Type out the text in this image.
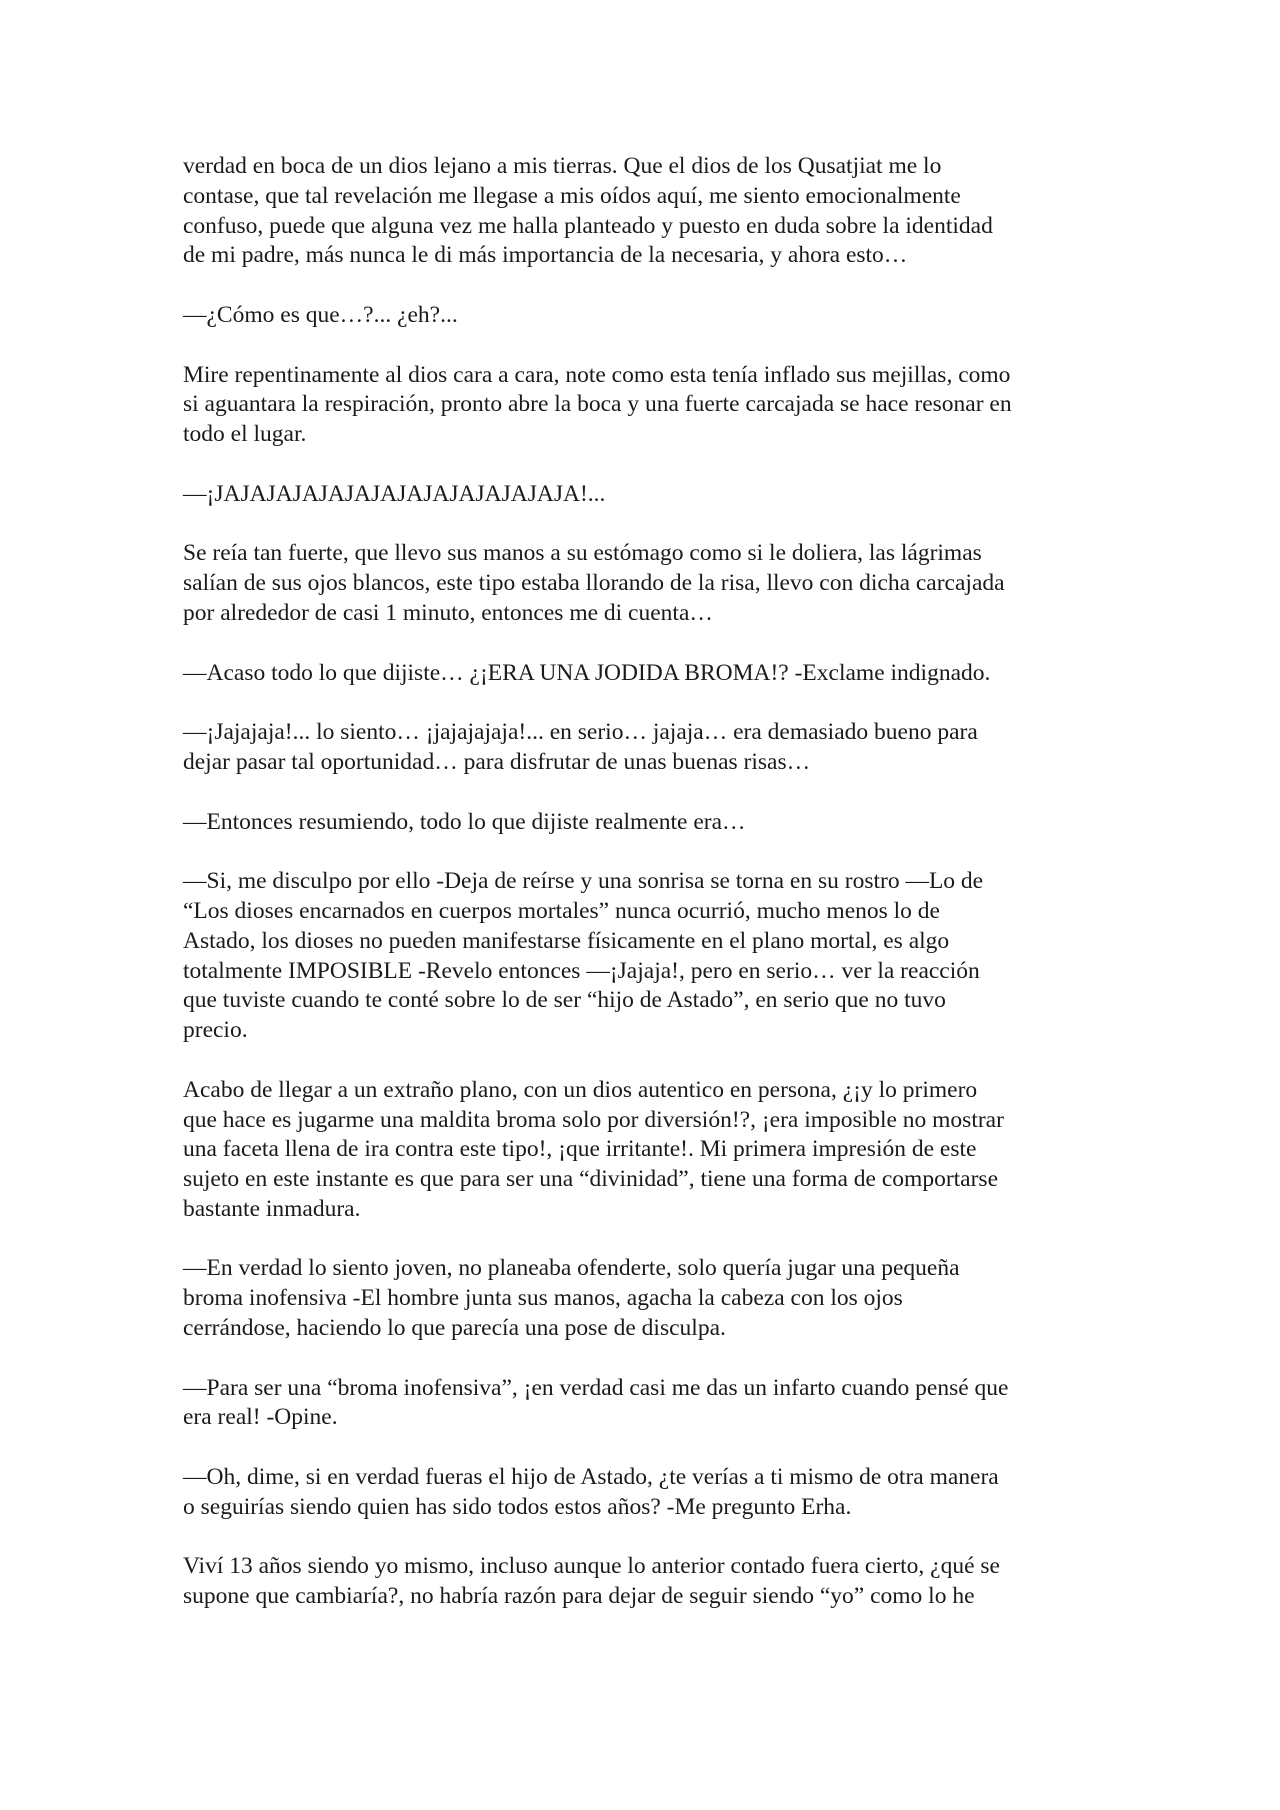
verdad en boca de un dios lejano a mis tierras. Que el dios de los Qusatjiat me lo
contase, que tal revelación me llegase a mis oídos aquí, me siento emocionalmente
confuso, puede que alguna vez me halla planteado y puesto en duda sobre la identidad
de mi padre, más nunca le di más importancia de la necesaria, y ahora esto…

—¿Cómo es que…?... ¿eh?...

Mire repentinamente al dios cara a cara, note como esta tenía inflado sus mejillas, como
si aguantara la respiración, pronto abre la boca y una fuerte carcajada se hace resonar en
todo el lugar.

—¡JAJAJAJAJAJAJAJAJAJAJAJAJAJA!...

Se reía tan fuerte, que llevo sus manos a su estómago como si le doliera, las lágrimas
salían de sus ojos blancos, este tipo estaba llorando de la risa, llevo con dicha carcajada
por alrededor de casi 1 minuto, entonces me di cuenta…

—Acaso todo lo que dijiste… ¿¡ERA UNA JODIDA BROMA!? -Exclame indignado.

—¡Jajajaja!... lo siento… ¡jajajajaja!... en serio… jajaja… era demasiado bueno para
dejar pasar tal oportunidad… para disfrutar de unas buenas risas…

—Entonces resumiendo, todo lo que dijiste realmente era…

—Si, me disculpo por ello -Deja de reírse y una sonrisa se torna en su rostro —Lo de
“Los dioses encarnados en cuerpos mortales” nunca ocurrió, mucho menos lo de
Astado, los dioses no pueden manifestarse físicamente en el plano mortal, es algo
totalmente IMPOSIBLE -Revelo entonces —¡Jajaja!, pero en serio… ver la reacción
que tuviste cuando te conté sobre lo de ser “hijo de Astado”, en serio que no tuvo
precio.

Acabo de llegar a un extraño plano, con un dios autentico en persona, ¿¡y lo primero
que hace es jugarme una maldita broma solo por diversión!?, ¡era imposible no mostrar
una faceta llena de ira contra este tipo!, ¡que irritante!. Mi primera impresión de este
sujeto en este instante es que para ser una “divinidad”, tiene una forma de comportarse
bastante inmadura.

—En verdad lo siento joven, no planeaba ofenderte, solo quería jugar una pequeña
broma inofensiva -El hombre junta sus manos, agacha la cabeza con los ojos
cerrándose, haciendo lo que parecía una pose de disculpa.

—Para ser una “broma inofensiva”, ¡en verdad casi me das un infarto cuando pensé que
era real! -Opine.

—Oh, dime, si en verdad fueras el hijo de Astado, ¿te verías a ti mismo de otra manera
o seguirías siendo quien has sido todos estos años? -Me pregunto Erha.

Viví 13 años siendo yo mismo, incluso aunque lo anterior contado fuera cierto, ¿qué se
supone que cambiaría?, no habría razón para dejar de seguir siendo “yo” como lo he
